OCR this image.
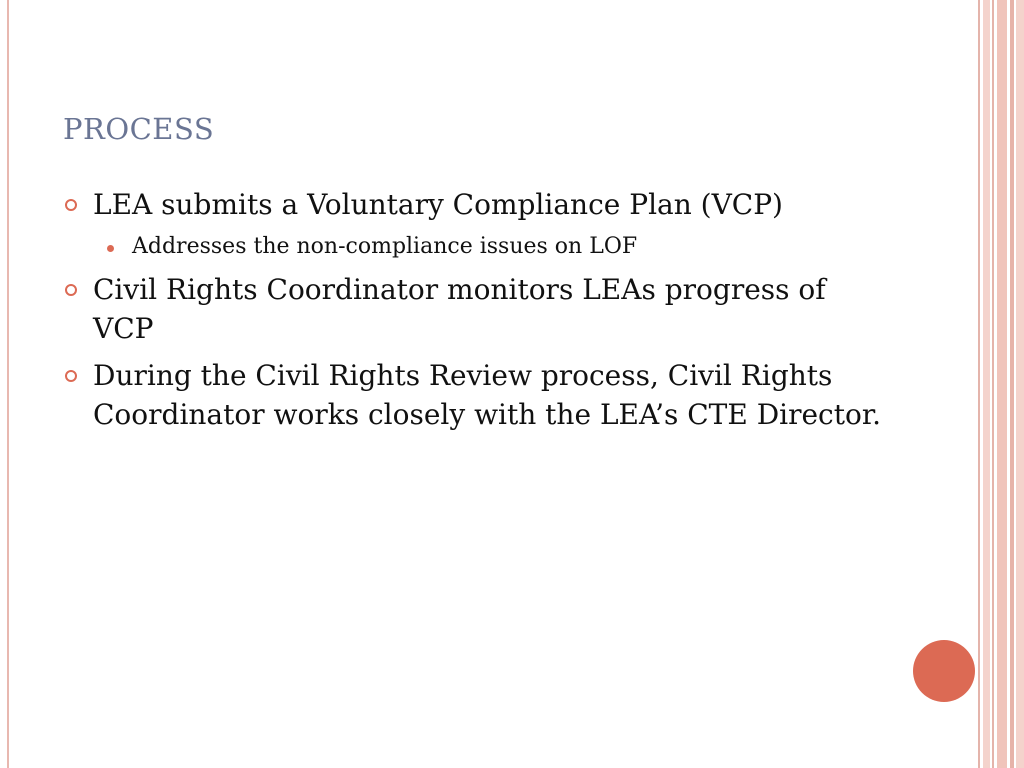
PROCESS

LEA submits a Voluntary Compliance Plan (VCP)

Addresses the non-compliance issues on LOF

Civil Rights Coordinator monitors LEAs progress of VCP

During the Civil Rights Review process, Civil Rights Coordinator works closely with the LEA’s CTE Director.
